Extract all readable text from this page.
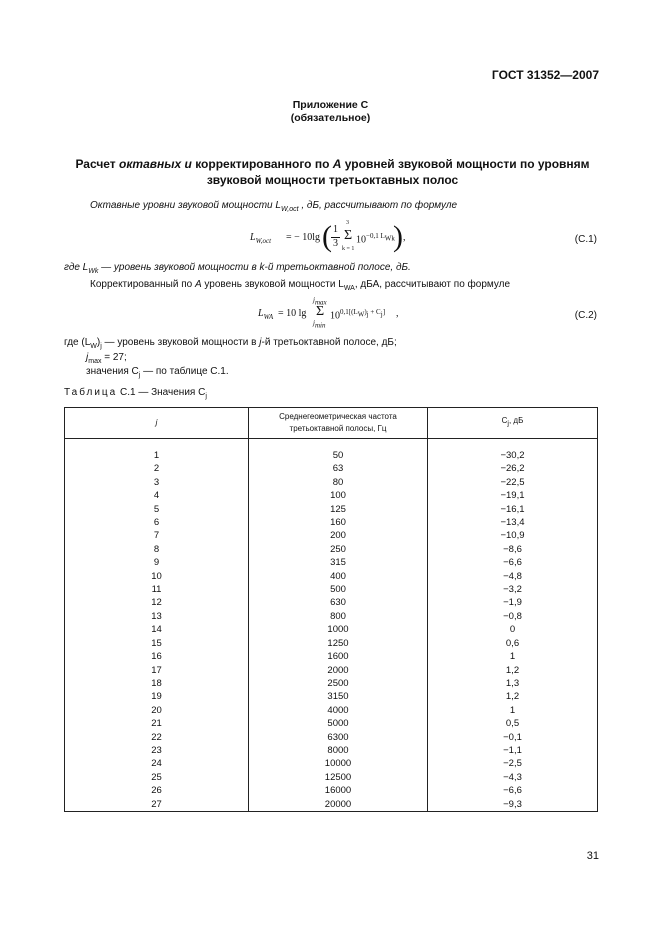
ГОСТ 31352—2007
Приложение С
(обязательное)
Расчет октавных и корректированного по А уровней звуковой мощности по уровням звуковой мощности третьоктавных полос
Октавные уровни звуковой мощности $L_{W,oct}$ , дБ, рассчитывают по формуле
$L_{W,oct}$ = − 10lg ( 1
3
3
Σ
k = 1
$10^{-0,1 L_{Wk}}$
) ,	(C.1)
где $L_{Wk}$ — уровень звуковой мощности в k-й третьоктавной полосе, дБ.
Корректированный по А уровень звуковой мощности $L_{WA}$, дБА, рассчитывают по формуле
$L_{WA} = 10$ lg
$j_{max}$
Σ
$j_{min}$
$10^{0,1[(L_W)_j + C_j]}$ ,	(C.2)
где $(L_W)_j$ — уровень звуковой мощности в j-й третьоктавной полосе, дБ;
$j_{max} = 27$;
значения $C_j$ — по таблице С.1.
Таблица С.1 — Значения $C_j$
j	Среднегеометрическая частота третьоктавной полосы, Гц	$C_j$, дБ

1	50	−30,2
2	63	−26,2
3	80	−22,5
4	100	−19,1
5	125	−16,1
6	160	−13,4
7	200	−10,9
8	250	−8,6
9	315	−6,6
10	400	−4,8
11	500	−3,2
12	630	−1,9
13	800	−0,8
14	1000	0
15	1250	0,6
16	1600	1
17	2000	1,2
18	2500	1,3
19	3150	1,2
20	4000	1
21	5000	0,5
22	6300	−0,1
23	8000	−1,1
24	10000	−2,5
25	12500	−4,3
26	16000	−6,6
27	20000	−9,3
31
